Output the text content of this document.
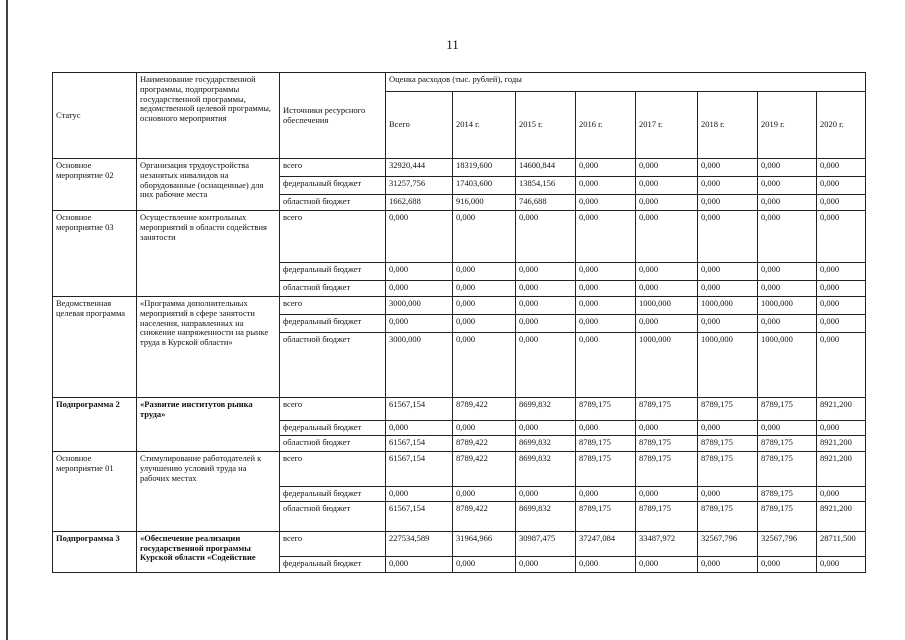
11
Статус	Наименование государственной программы, подпрограммы государственной программы, ведомственной целевой программы, основного мероприятия	Источники ресурсного обеспечения	Оценка расходов (тыс. рублей), годы							
			Всего	2014 г.	2015 г.	2016 г.	2017 г.	2018 г.	2019 г.	2020 г.
Основное мероприятие 02	Организация трудоустройства незанятых инвалидов на оборудованные (оснащенные) для них рабочие места	всего	32920,444	18319,600	14600,844	0,000	0,000	0,000	0,000	0,000
		федеральный бюджет	31257,756	17403,600	13854,156	0,000	0,000	0,000	0,000	0,000
		областной бюджет	1662,688	916,000	746,688	0,000	0,000	0,000	0,000	0,000
Основное мероприятие 03	Осуществление контрольных мероприятий в области содействия занятости	всего	0,000	0,000	0,000	0,000	0,000	0,000	0,000	0,000
		федеральный бюджет	0,000	0,000	0,000	0,000	0,000	0,000	0,000	0,000
		областной бюджет	0,000	0,000	0,000	0,000	0,000	0,000	0,000	0,000
Ведомственная целевая программа	«Программа дополнительных мероприятий в сфере занятости населения, направленных на снижение напряженности на рынке труда в Курской области»	всего	3000,000	0,000	0,000	0,000	1000,000	1000,000	1000,000	0,000
		федеральный бюджет	0,000	0,000	0,000	0,000	0,000	0,000	0,000	0,000
		областной бюджет	3000,000	0,000	0,000	0,000	1000,000	1000,000	1000,000	0,000
Подпрограмма 2	«Развитие институтов рынка труда»	всего	61567,154	8789,422	8699,832	8789,175	8789,175	8789,175	8789,175	8921,200
		федеральный бюджет	0,000	0,000	0,000	0,000	0,000	0,000	0,000	0,000
		областной бюджет	61567,154	8789,422	8699,832	8789,175	8789,175	8789,175	8789,175	8921,200
Основное мероприятие 01	Стимулирование работодателей к улучшению условий труда на рабочих местах	всего	61567,154	8789,422	8699,832	8789,175	8789,175	8789,175	8789,175	8921,200
		федеральный бюджет	0,000	0,000	0,000	0,000	0,000	0,000	8789,175	0,000
		областной бюджет	61567,154	8789,422	8699,832	8789,175	8789,175	8789,175	8789,175	8921,200
Подпрограмма 3	«Обеспечение реализации государственной программы Курской области «Содействие	всего	227534,589	31964,966	30987,475	37247,084	33487,972	32567,796	32567,796	28711,500
		федеральный бюджет	0,000	0,000	0,000	0,000	0,000	0,000	0,000	0,000
